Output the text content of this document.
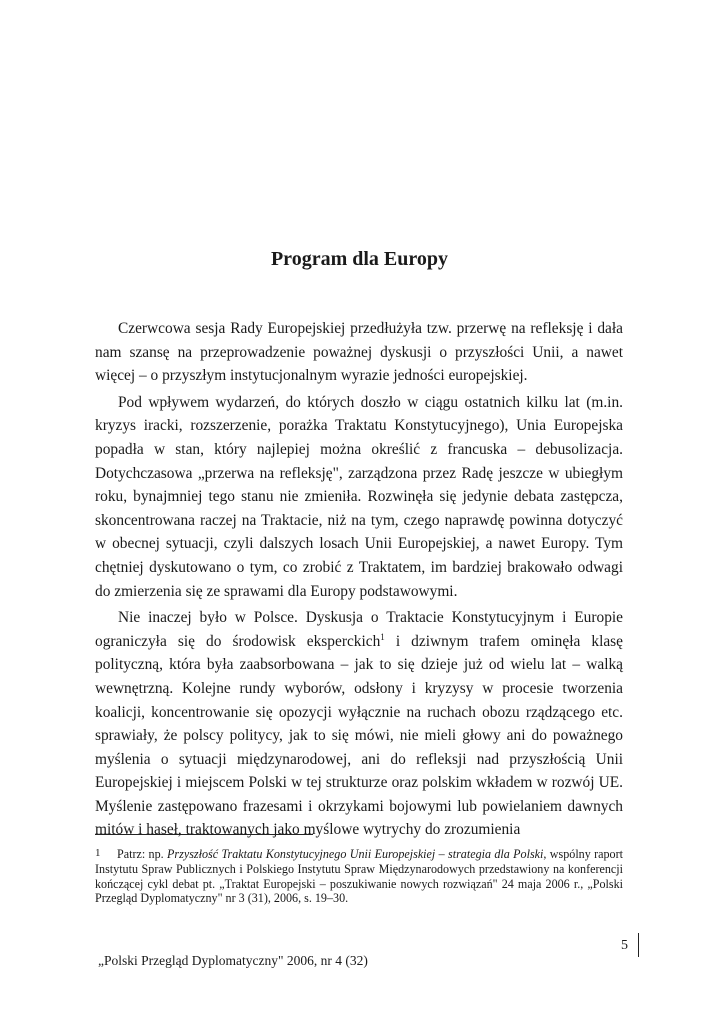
Program dla Europy

Czerwcowa sesja Rady Europejskiej przedłużyła tzw. przerwę na refleksję i dała nam szansę na przeprowadzenie poważnej dyskusji o przyszłości Unii, a nawet więcej – o przyszłym instytucjonalnym wyrazie jedności europejskiej.

Pod wpływem wydarzeń, do których doszło w ciągu ostatnich kilku lat (m.in. kryzys iracki, rozszerzenie, porażka Traktatu Konstytucyjnego), Unia Europejska popadła w stan, który najlepiej można określić z francuska – debusolizacja. Dotychczasowa „przerwa na refleksję", zarządzona przez Radę jeszcze w ubiegłym roku, bynajmniej tego stanu nie zmieniła. Rozwinęła się jedynie debata zastępcza, skoncentrowana raczej na Traktacie, niż na tym, czego naprawdę powinna dotyczyć w obecnej sytuacji, czyli dalszych losach Unii Europejskiej, a nawet Europy. Tym chętniej dyskutowano o tym, co zrobić z Traktatem, im bardziej brakowało odwagi do zmierzenia się ze sprawami dla Europy podstawowymi.

Nie inaczej było w Polsce. Dyskusja o Traktacie Konstytucyjnym i Europie ograniczyła się do środowisk eksperckich$^1$ i dziwnym trafem ominęła klasę polityczną, która była zaabsorbowana – jak to się dzieje już od wielu lat – walką wewnętrzną. Kolejne rundy wyborów, odsłony i kryzysy w procesie tworzenia koalicji, koncentrowanie się opozycji wyłącznie na ruchach obozu rządzącego etc. sprawiały, że polscy politycy, jak to się mówi, nie mieli głowy ani do poważnego myślenia o sytuacji międzynarodowej, ani do refleksji nad przyszłością Unii Europejskiej i miejscem Polski w tej strukturze oraz polskim wkładem w rozwój UE. Myślenie zastępowano frazesami i okrzykami bojowymi lub powielaniem dawnych mitów i haseł, traktowanych jako myślowe wytrychy do zrozumienia

1 Patrz: np. Przyszłość Traktatu Konstytucyjnego Unii Europejskiej – strategia dla Polski, wspólny raport Instytutu Spraw Publicznych i Polskiego Instytutu Spraw Międzynarodowych przedstawiony na konferencji kończącej cykl debat pt. „Traktat Europejski – poszukiwanie nowych rozwiązań" 24 maja 2006 r., „Polski Przegląd Dyplomatyczny" nr 3 (31), 2006, s. 19–30.
„Polski Przegląd Dyplomatyczny" 2006, nr 4 (32)
5
